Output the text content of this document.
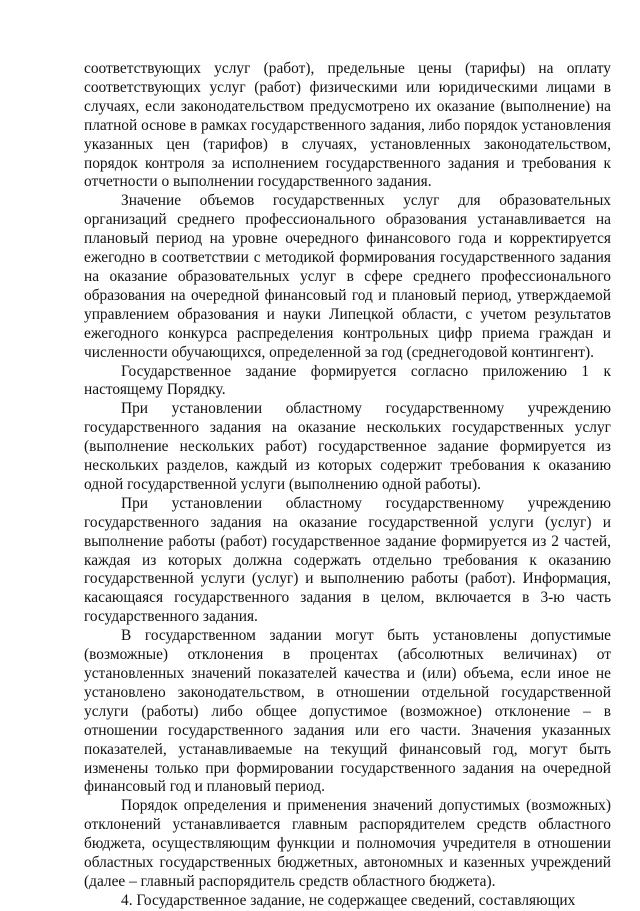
соответствующих услуг (работ), предельные цены (тарифы) на оплату соответствующих услуг (работ) физическими или юридическими лицами в случаях, если законодательством предусмотрено их оказание (выполнение) на платной основе в рамках государственного задания, либо порядок установления указанных цен (тарифов) в случаях, установленных законодательством, порядок контроля за исполнением государственного задания и требования к отчетности о выполнении государственного задания.

Значение объемов государственных услуг для образовательных организаций среднего профессионального образования устанавливается на плановый период на уровне очередного финансового года и корректируется ежегодно в соответствии с методикой формирования государственного задания на оказание образовательных услуг в сфере среднего профессионального образования на очередной финансовый год и плановый период, утверждаемой управлением образования и науки Липецкой области, с учетом результатов ежегодного конкурса распределения контрольных цифр приема граждан и численности обучающихся, определенной за год (среднегодовой контингент).

Государственное задание формируется согласно приложению 1 к настоящему Порядку.

При установлении областному государственному учреждению государственного задания на оказание нескольких государственных услуг (выполнение нескольких работ) государственное задание формируется из нескольких разделов, каждый из которых содержит требования к оказанию одной государственной услуги (выполнению одной работы).

При установлении областному государственному учреждению государственного задания на оказание государственной услуги (услуг) и выполнение работы (работ) государственное задание формируется из 2 частей, каждая из которых должна содержать отдельно требования к оказанию государственной услуги (услуг) и выполнению работы (работ). Информация, касающаяся государственного задания в целом, включается в 3-ю часть государственного задания.

В государственном задании могут быть установлены допустимые (возможные) отклонения в процентах (абсолютных величинах) от установленных значений показателей качества и (или) объема, если иное не установлено законодательством, в отношении отдельной государственной услуги (работы) либо общее допустимое (возможное) отклонение – в отношении государственного задания или его части. Значения указанных показателей, устанавливаемые на текущий финансовый год, могут быть изменены только при формировании государственного задания на очередной финансовый год и плановый период.

Порядок определения и применения значений допустимых (возможных) отклонений устанавливается главным распорядителем средств областного бюджета, осуществляющим функции и полномочия учредителя в отношении областных государственных бюджетных, автономных и казенных учреждений (далее – главный распорядитель средств областного бюджета).

4. Государственное задание, не содержащее сведений, составляющих
